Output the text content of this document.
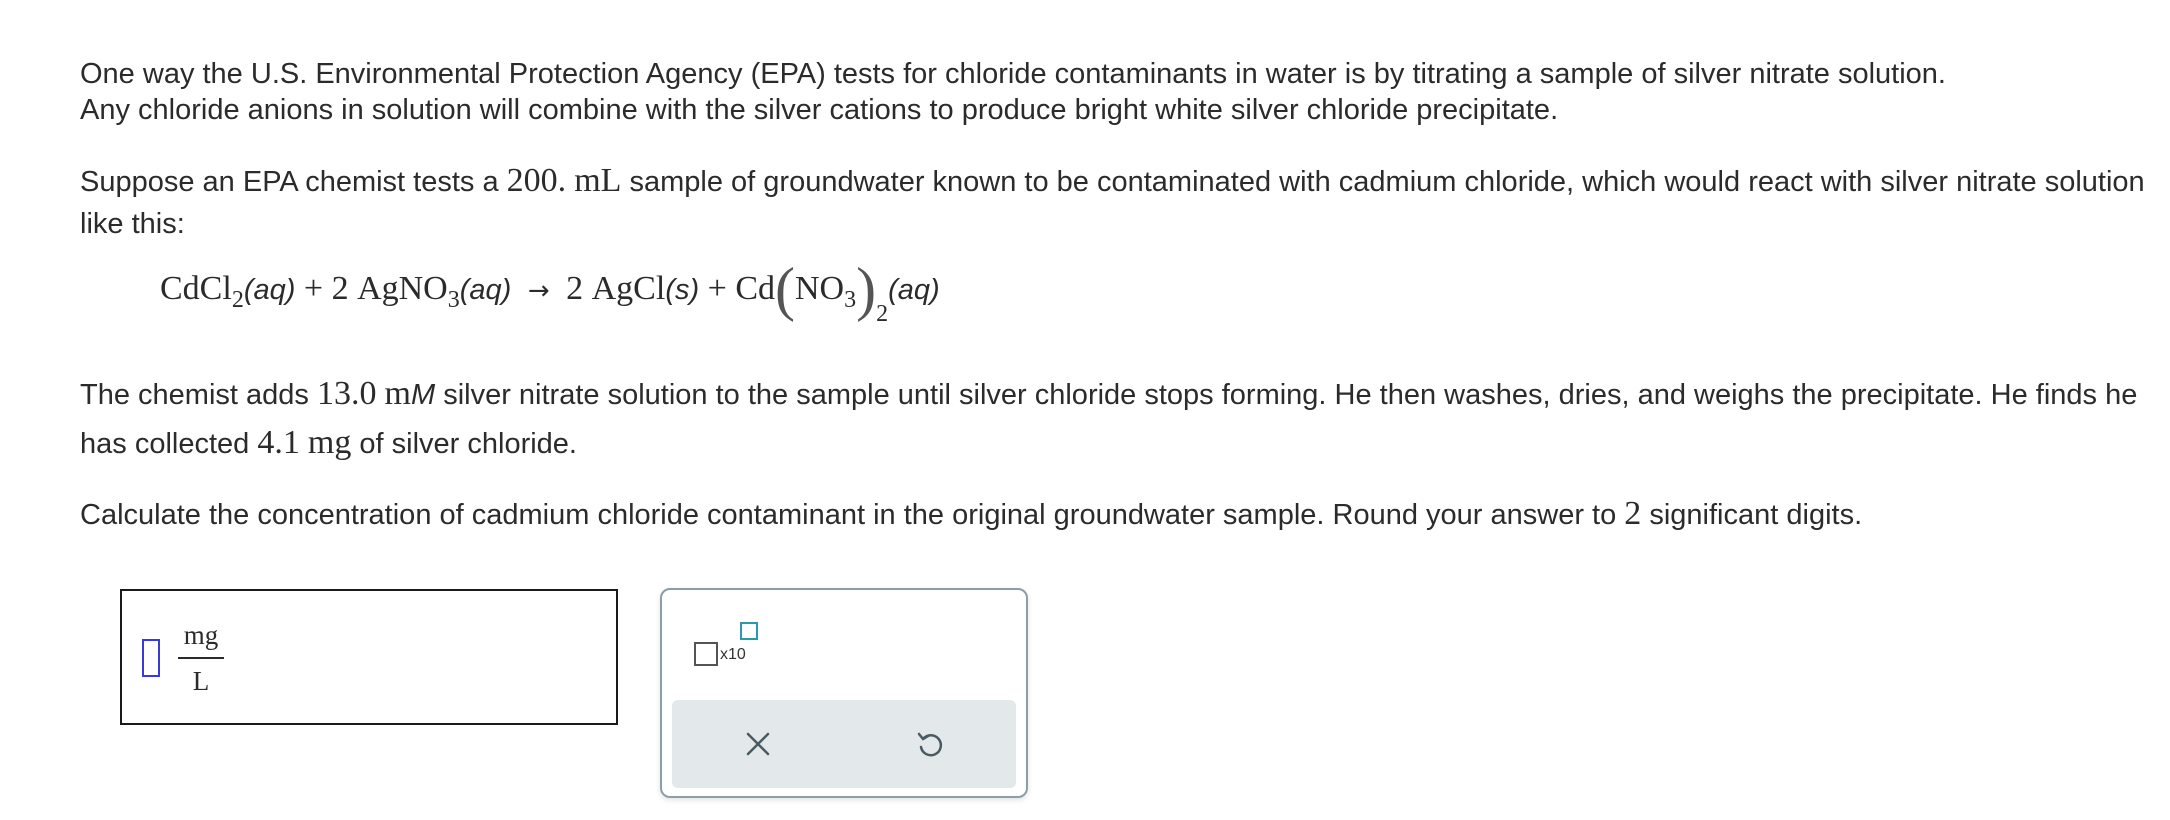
One way the U.S. Environmental Protection Agency (EPA) tests for chloride contaminants in water is by titrating a sample of silver nitrate solution.
Any chloride anions in solution will combine with the silver cations to produce bright white silver chloride precipitate.
Suppose an EPA chemist tests a 200. mL sample of groundwater known to be contaminated with cadmium chloride, which would react with silver nitrate solution like this:
The chemist adds 13.0 mM silver nitrate solution to the sample until silver chloride stops forming. He then washes, dries, and weighs the precipitate. He finds he has collected 4.1 mg of silver chloride.
Calculate the concentration of cadmium chloride contaminant in the original groundwater sample. Round your answer to 2 significant digits.
CdCl$_2$(aq) + 2 AgNO$_3$(aq) → 2 AgCl(s) + $Cd(NO_3)_2(aq)$
mg
L
x10
